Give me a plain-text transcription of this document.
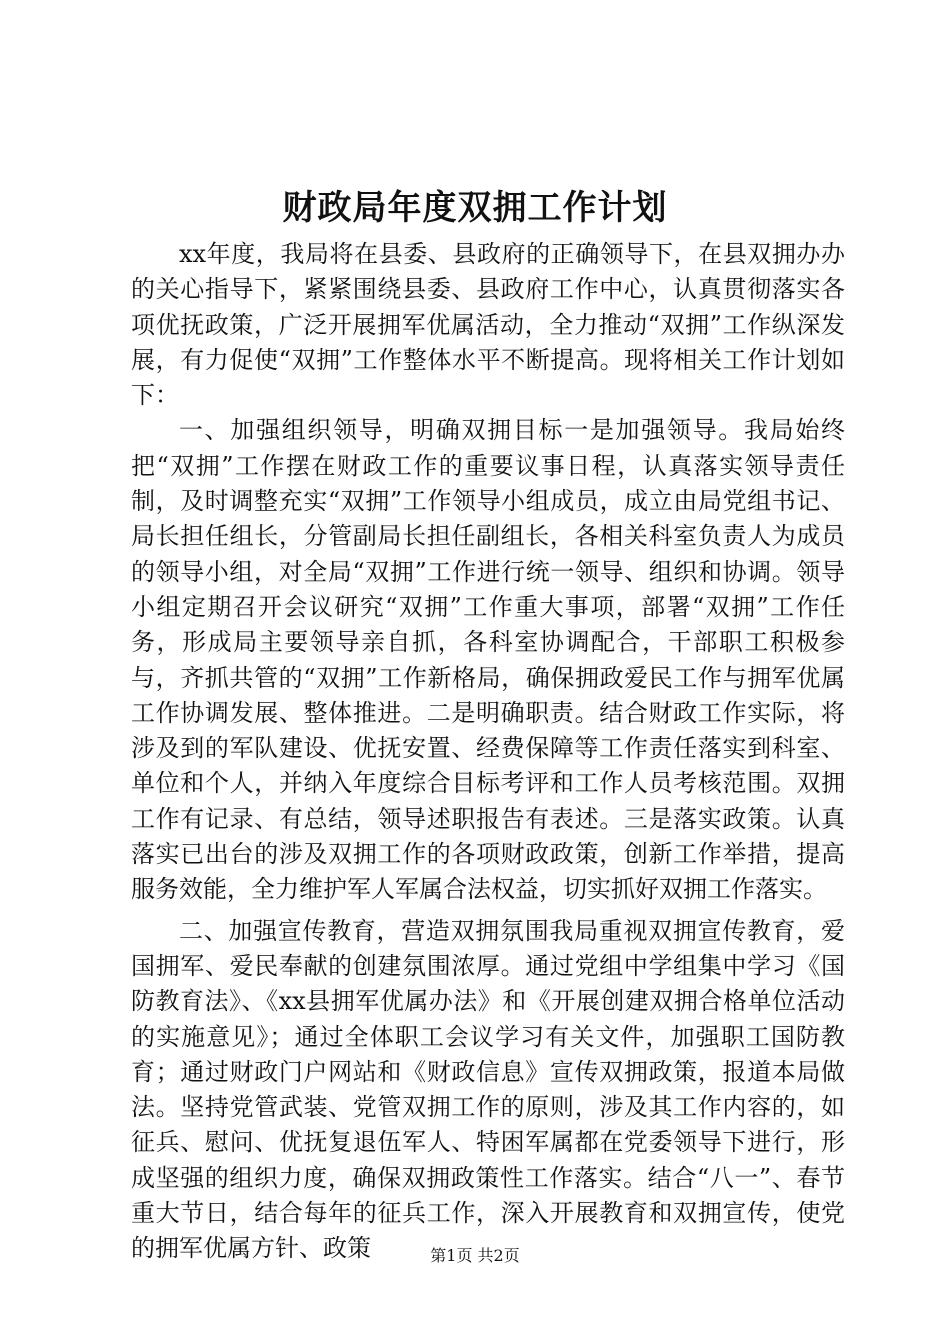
财政局年度双拥工作计划

xx年度，我局将在县委、县政府的正确领导下，在县双拥办办的关心指导下，紧紧围绕县委、县政府工作中心，认真贯彻落实各项优抚政策，广泛开展拥军优属活动，全力推动“双拥”工作纵深发展，有力促使“双拥”工作整体水平不断提高。现将相关工作计划如下：

一、加强组织领导，明确双拥目标一是加强领导。我局始终把“双拥”工作摆在财政工作的重要议事日程，认真落实领导责任制，及时调整充实“双拥”工作领导小组成员，成立由局党组书记、局长担任组长，分管副局长担任副组长，各相关科室负责人为成员的领导小组，对全局“双拥”工作进行统一领导、组织和协调。领导小组定期召开会议研究“双拥”工作重大事项，部署“双拥”工作任务，形成局主要领导亲自抓，各科室协调配合，干部职工积极参与，齐抓共管的“双拥”工作新格局，确保拥政爱民工作与拥军优属工作协调发展、整体推进。二是明确职责。结合财政工作实际，将涉及到的军队建设、优抚安置、经费保障等工作责任落实到科室、单位和个人，并纳入年度综合目标考评和工作人员考核范围。双拥工作有记录、有总结，领导述职报告有表述。三是落实政策。认真落实已出台的涉及双拥工作的各项财政政策，创新工作举措，提高服务效能，全力维护军人军属合法权益，切实抓好双拥工作落实。

二、加强宣传教育，营造双拥氛围我局重视双拥宣传教育，爱国拥军、爱民奉献的创建氛围浓厚。通过党组中学组集中学习《国防教育法》、《xx县拥军优属办法》和《开展创建双拥合格单位活动的实施意见》；通过全体职工会议学习有关文件，加强职工国防教育；通过财政门户网站和《财政信息》宣传双拥政策，报道本局做法。坚持党管武装、党管双拥工作的原则，涉及其工作内容的，如征兵、慰问、优抚复退伍军人、特困军属都在党委领导下进行，形成坚强的组织力度，确保双拥政策性工作落实。结合“八一”、春节重大节日，结合每年的征兵工作，深入开展教育和双拥宣传，使党的拥军优属方针、政策	第1页 共2页
